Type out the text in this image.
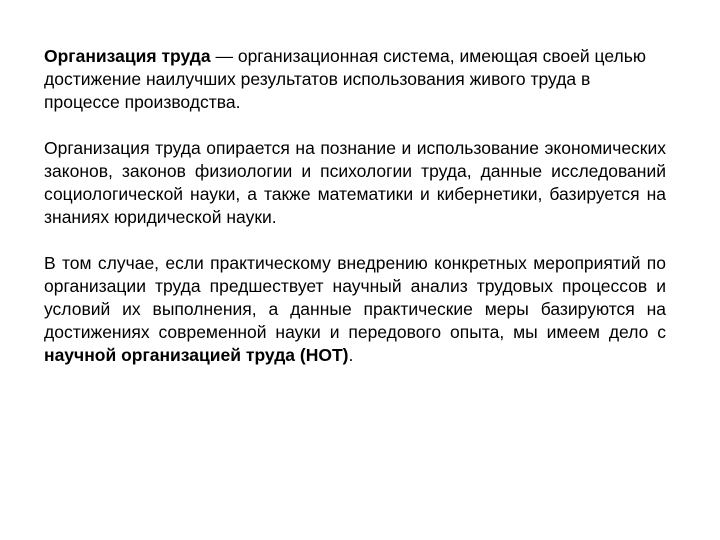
Организация труда — организационная система, имеющая своей целью достижение наилучших результатов использования живого труда в процессе производства.

Организация труда опирается на познание и использование экономических законов, законов физиологии и психологии труда, данные исследований социологической науки, а также математики и кибернетики, базируется на знаниях юридической науки.

В том случае, если практическому внедрению конкретных мероприятий по организации труда предшествует научный анализ трудовых процессов и условий их выполнения, а данные практические меры базируются на достижениях современной науки и передового опыта, мы имеем дело с научной организацией труда (НОТ).
